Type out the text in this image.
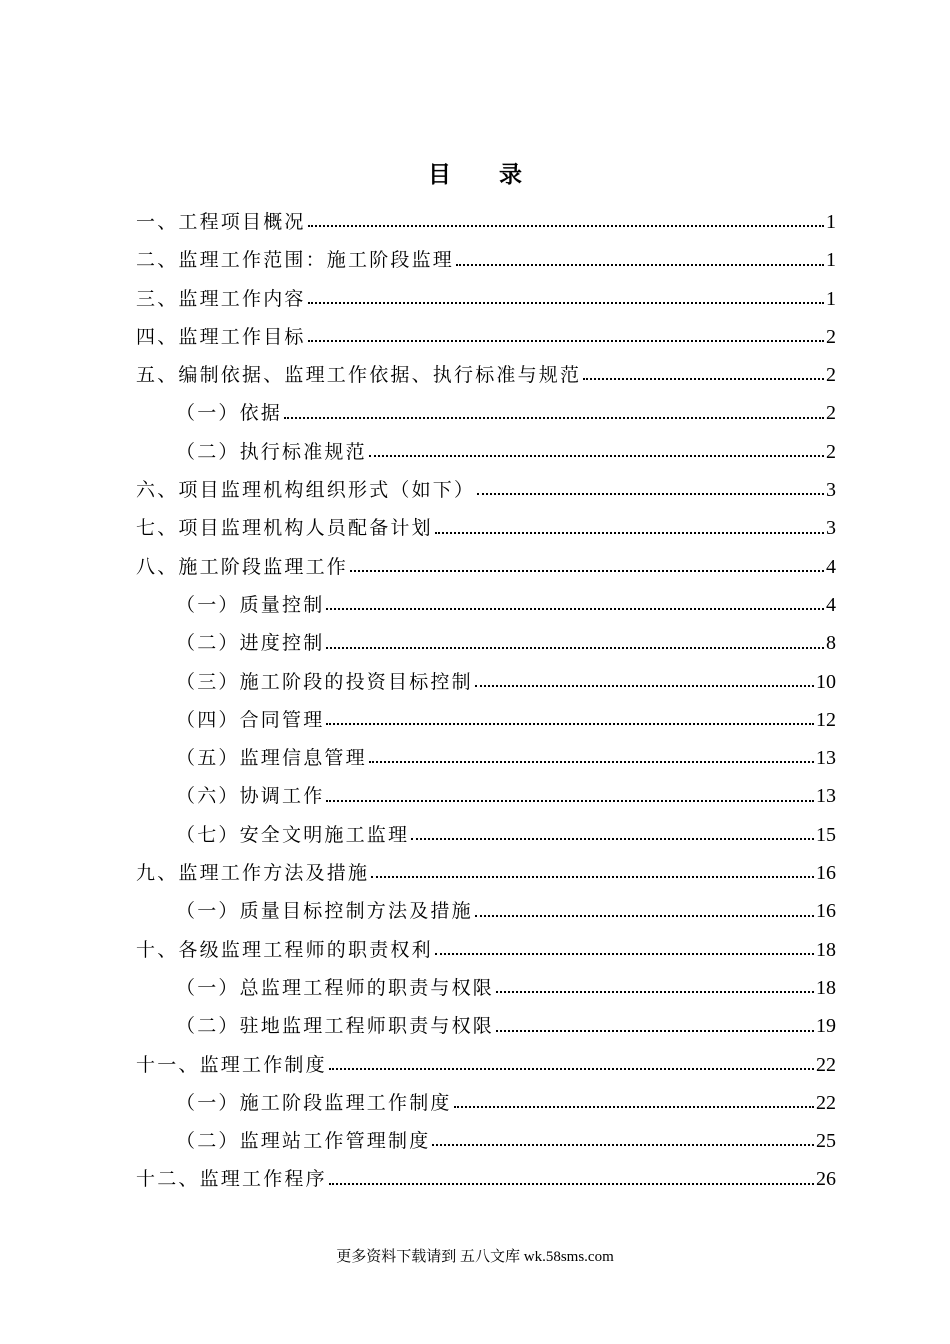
目 录
一、工程项目概况	1
二、监理工作范围：施工阶段监理	1
三、监理工作内容	1
四、监理工作目标	2
五、编制依据、监理工作依据、执行标准与规范	2
（一）依据	2
（二）执行标准规范	2
六、项目监理机构组织形式（如下）	3
七、项目监理机构人员配备计划	3
八、施工阶段监理工作	4
（一）质量控制	4
（二）进度控制	8
（三）施工阶段的投资目标控制	10
（四）合同管理	12
（五）监理信息管理	13
（六）协调工作	13
（七）安全文明施工监理	15
九、监理工作方法及措施	16
（一）质量目标控制方法及措施	16
十、各级监理工程师的职责权利	18
（一）总监理工程师的职责与权限	18
（二）驻地监理工程师职责与权限	19
十一、监理工作制度	22
（一）施工阶段监理工作制度	22
（二）监理站工作管理制度	25
十二、监理工作程序	26
更多资料下载请到 五八文库 wk.58sms.com
